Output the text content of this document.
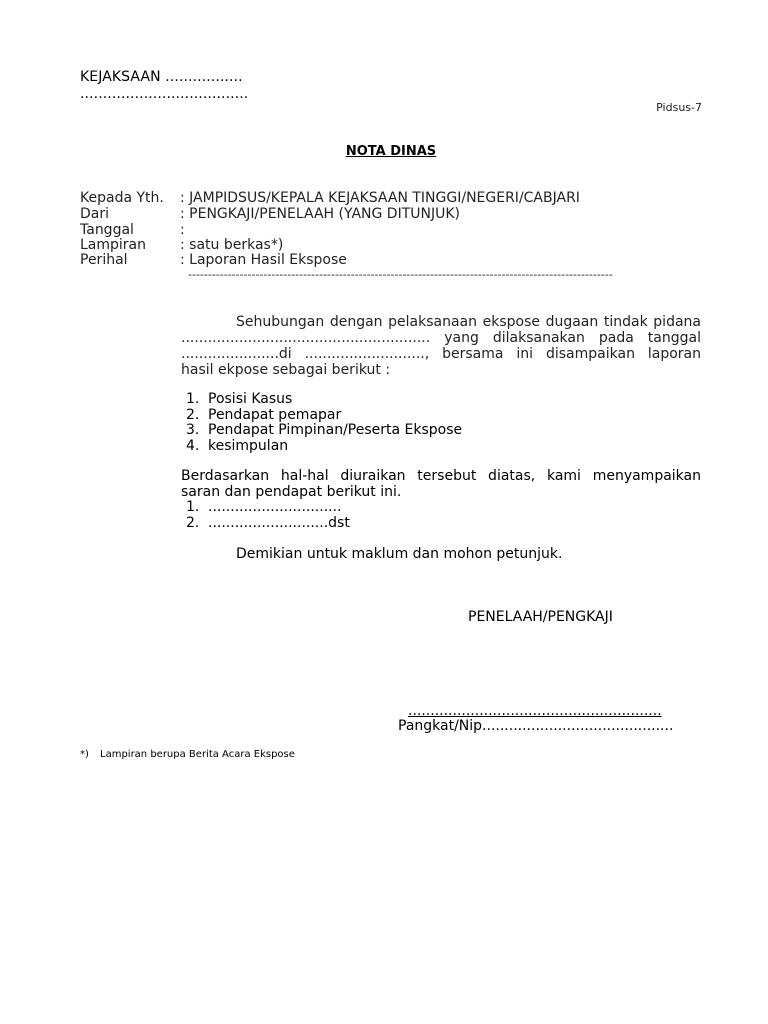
KEJAKSAAN .................
.....................................
Pidsus-7
NOTA DINAS
Kepada Yth. : JAMPIDSUS/KEPALA KEJAKSAAN TINGGI/NEGERI/CABJARI
Dari	: PENGKAJI/PENELAAH (YANG DITUNJUK)
Tanggal	:
Lampiran : satu berkas*)
Perihal	: Laporan Hasil Ekspose
-----------------------------------------------------------------------------------------------------------
Sehubungan dengan pelaksanaan ekspose dugaan tindak pidana
........................................................ yang dilaksanakan pada tanggal
......................di ..........................., bersama ini disampaikan laporan
hasil ekpose sebagai berikut :
1. Posisi Kasus
2. Pendapat pemapar
3. Pendapat Pimpinan/Peserta Ekspose
4. kesimpulan
Berdasarkan hal-hal diuraikan tersebut diatas, kami menyampaikan
saran dan pendapat berikut ini.
1. ..............................
2. ...........................dst
Demikian untuk maklum dan mohon petunjuk.
PENELAAH/PENGKAJI
.........................................................
Pangkat/Nip...........................................
*) Lampiran berupa Berita Acara Ekspose
